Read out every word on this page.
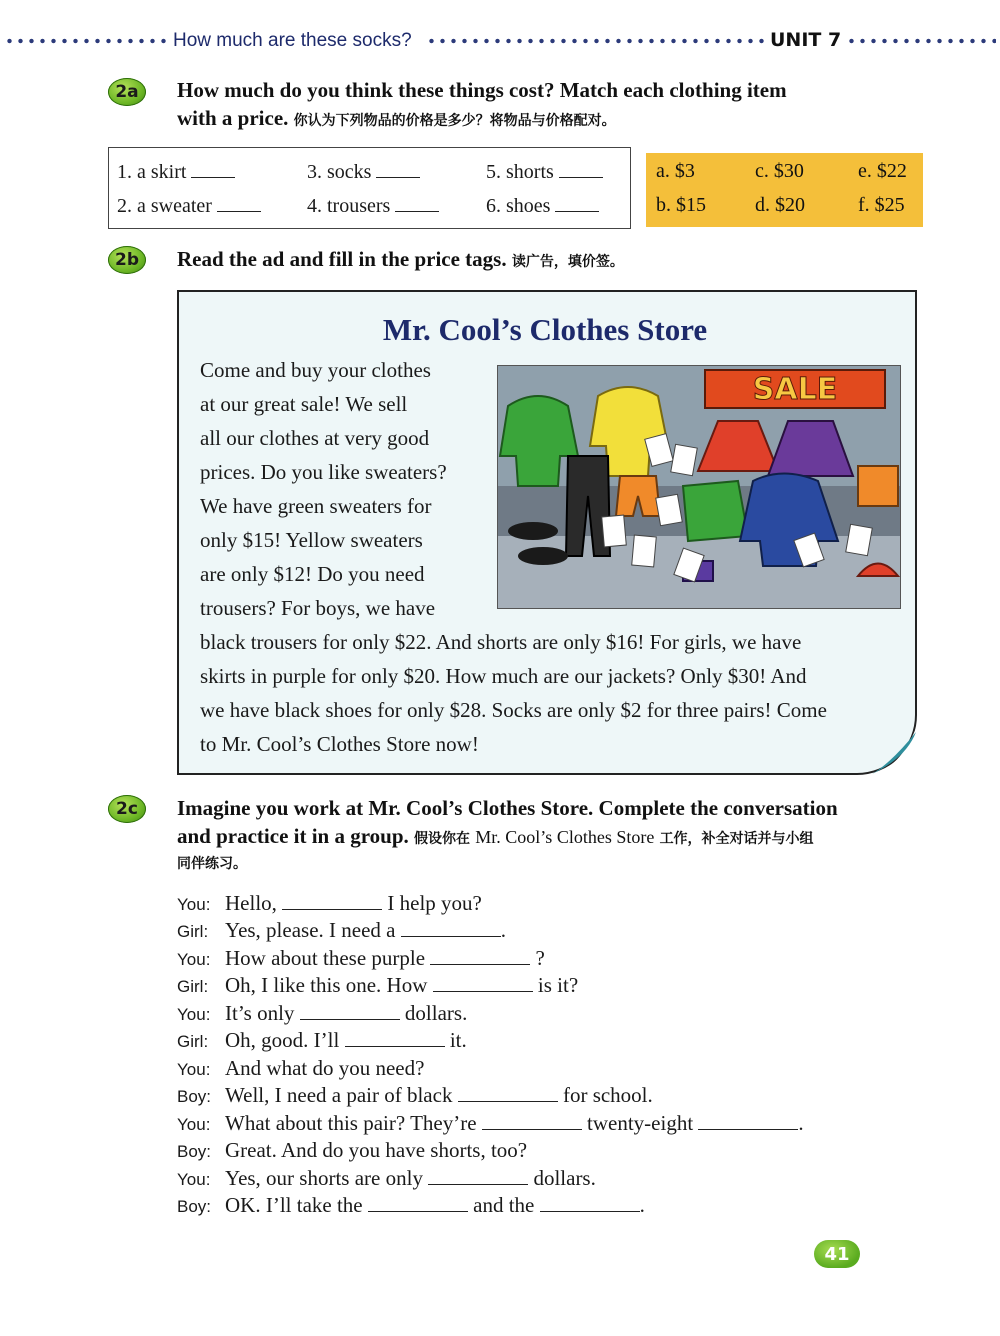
How much are these socks?	UNIT 7
2a	How much do you think these things cost? Match each clothing item
with a price. 你认为下列物品的价格是多少？将物品与价格配对。
1. a skirt	3. socks	5. shorts
2. a sweater	4. trousers	6. shoes
a. $3	c. $30	e. $22
b. $15 d. $20	f. $25
2b	Read the ad and fill in the price tags. 读广告，填价签。
Mr. Cool’s Clothes Store
Come and buy your clothes
at our great sale! We sell
all our clothes at very good
prices. Do you like sweaters?
We have green sweaters for
only $15! Yellow sweaters
are only $12! Do you need
trousers? For boys, we have
black trousers for only $22. And shorts are only $16! For girls, we have
skirts in purple for only $20. How much are our jackets? Only $30! And
we have black shoes for only $28. Socks are only $2 for three pairs! Come
to Mr. Cool’s Clothes Store now!
SALE
2c	Imagine you work at Mr. Cool’s Clothes Store. Complete the conversation
and practice it in a group. 假设你在 Mr. Cool’s Clothes Store 工作，补全对话并与小组
同伴练习。
You: Hello,	I help you?
Girl: Yes, please. I need a	.
You: How about these purple	?
Girl: Oh, I like this one. How	is it?
You: It’s only	dollars.
Girl: Oh, good. I’ll	it.
You: And what do you need?
Boy: Well, I need a pair of black	for school.
You: What about this pair? They’re	twenty-eight	.
Boy: Great. And do you have shorts, too?
You: Yes, our shorts are only	dollars.
Boy: OK. I’ll take the	and the	.
41
